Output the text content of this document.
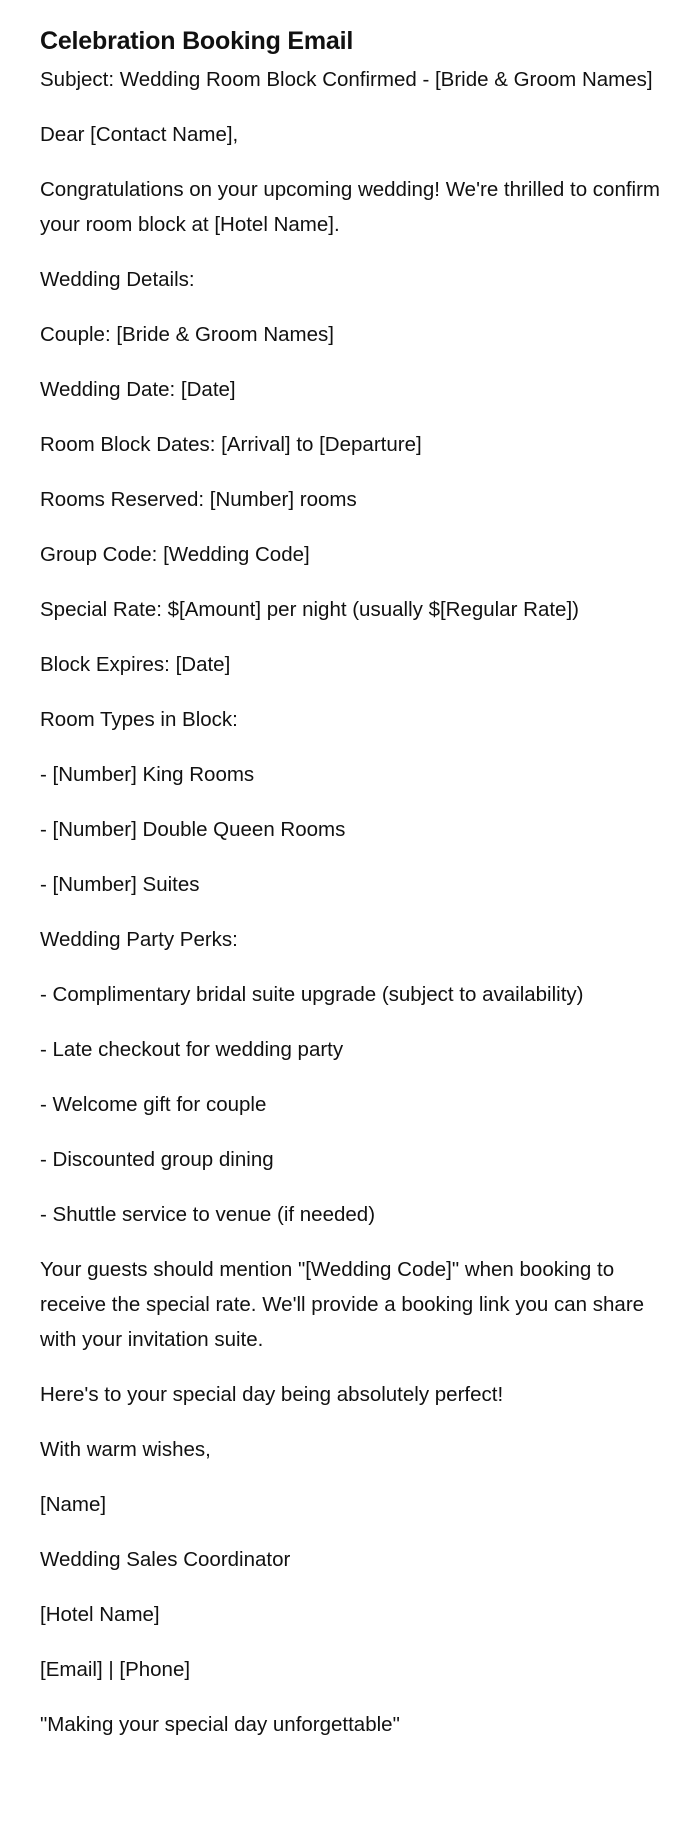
Celebration Booking Email

Subject: Wedding Room Block Confirmed - [Bride & Groom Names]

Dear [Contact Name],

Congratulations on your upcoming wedding! We're thrilled to confirm your room block at [Hotel Name].

Wedding Details:

Couple: [Bride & Groom Names]

Wedding Date: [Date]

Room Block Dates: [Arrival] to [Departure]

Rooms Reserved: [Number] rooms

Group Code: [Wedding Code]

Special Rate: $[Amount] per night (usually $[Regular Rate])

Block Expires: [Date]

Room Types in Block:

- [Number] King Rooms

- [Number] Double Queen Rooms

- [Number] Suites

Wedding Party Perks:

- Complimentary bridal suite upgrade (subject to availability)

- Late checkout for wedding party

- Welcome gift for couple

- Discounted group dining

- Shuttle service to venue (if needed)

Your guests should mention "[Wedding Code]" when booking to receive the special rate. We'll provide a booking link you can share with your invitation suite.

Here's to your special day being absolutely perfect!

With warm wishes,

[Name]

Wedding Sales Coordinator

[Hotel Name]

[Email] | [Phone]

"Making your special day unforgettable"
